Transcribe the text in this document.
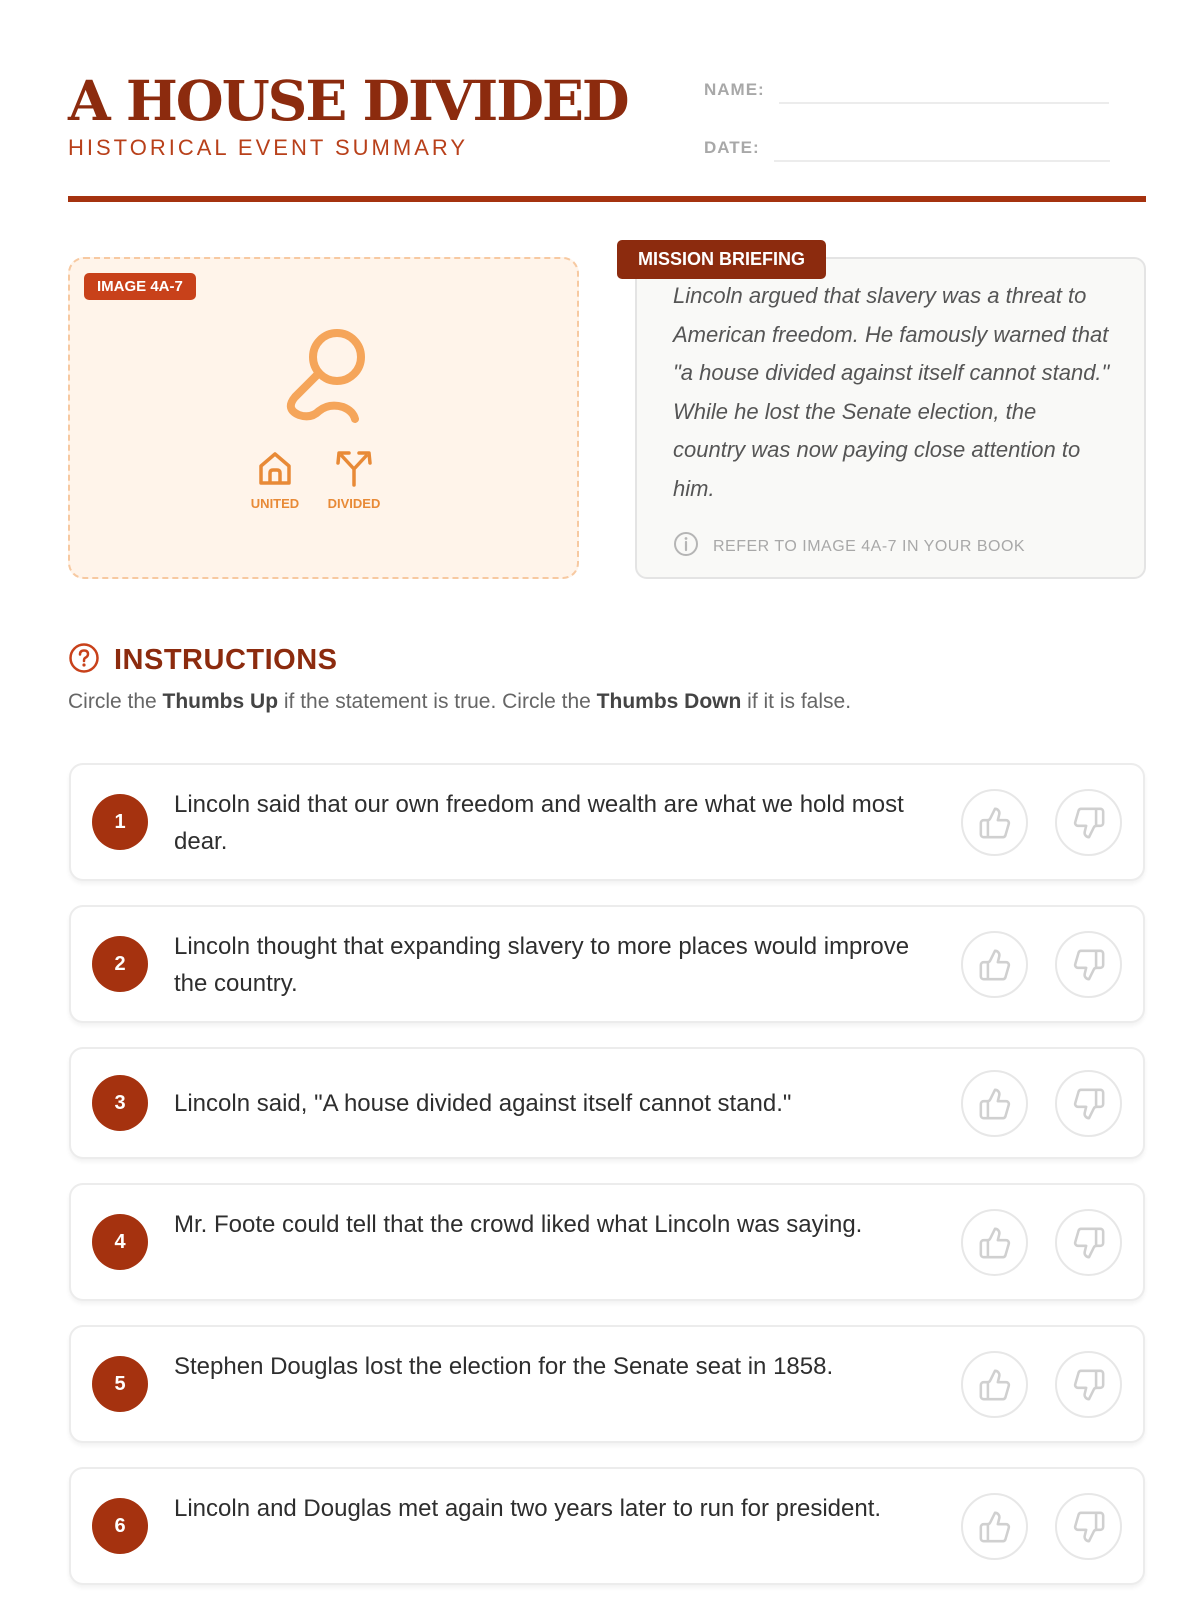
A HOUSE DIVIDED
HISTORICAL EVENT SUMMARY
NAME:
DATE:
IMAGE 4A-7
UNITED	DIVIDED
MISSION BRIEFING
Lincoln argued that slavery was a threat to American freedom. He famously warned that "a house divided against itself cannot stand." While he lost the Senate election, the country was now paying close attention to him.
REFER TO IMAGE 4A-7 IN YOUR BOOK
INSTRUCTIONS
Circle the Thumbs Up if the statement is true. Circle the Thumbs Down if it is false.
1
Lincoln said that our own freedom and wealth are what we hold most dear.
2
Lincoln thought that expanding slavery to more places would improve the country.
3	Lincoln said, "A house divided against itself cannot stand."
4
Mr. Foote could tell that the crowd liked what Lincoln was saying.
5
Stephen Douglas lost the election for the Senate seat in 1858.
6
Lincoln and Douglas met again two years later to run for president.
